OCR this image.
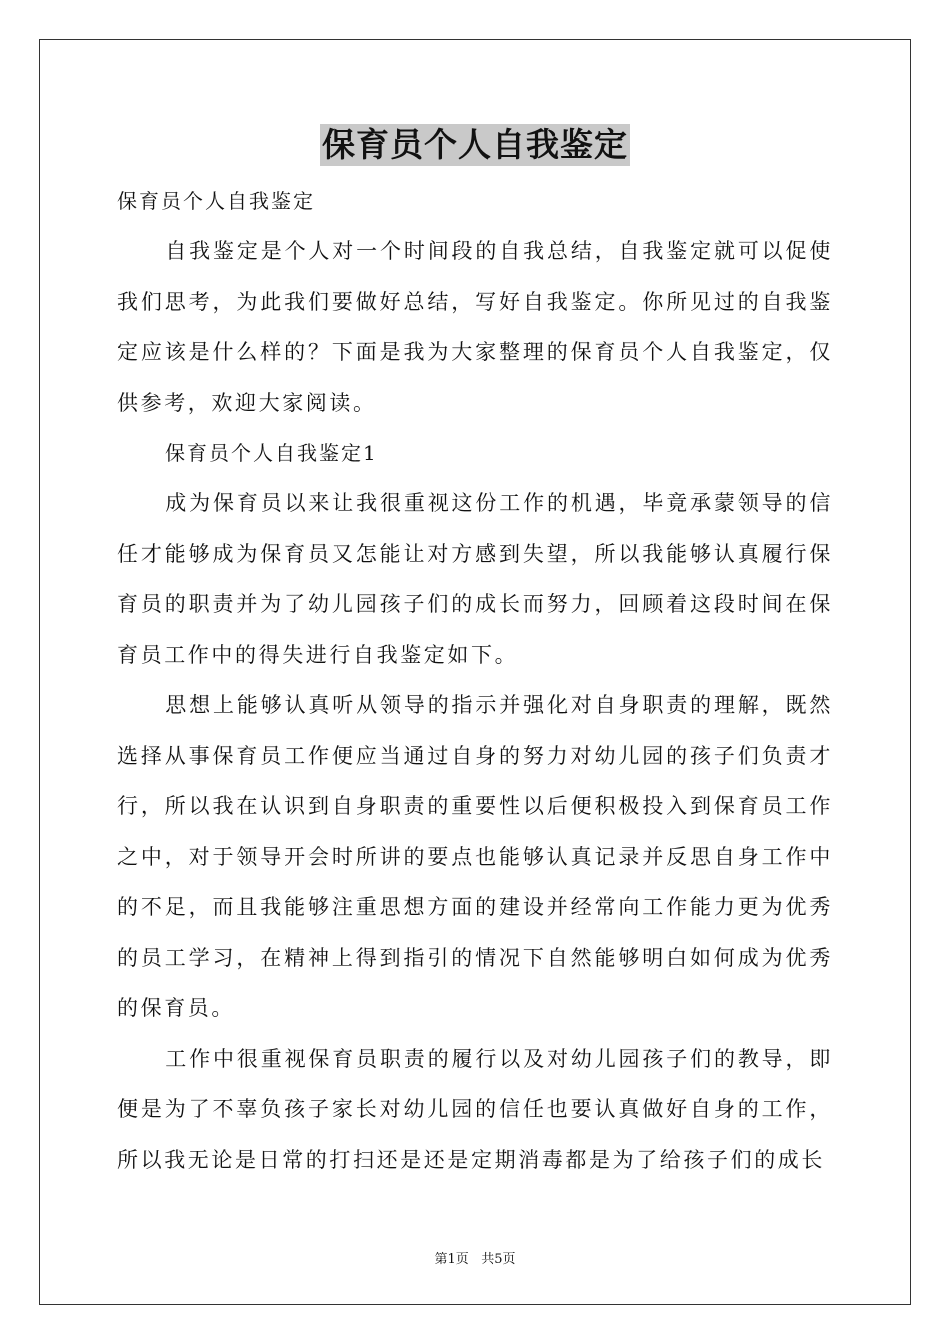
保育员个人自我鉴定

保育员个人自我鉴定

自我鉴定是个人对一个时间段的自我总结，自我鉴定就可以促使我们思考，为此我们要做好总结，写好自我鉴定。你所见过的自我鉴定应该是什么样的？下面是我为大家整理的保育员个人自我鉴定，仅供参考，欢迎大家阅读。

保育员个人自我鉴定1

成为保育员以来让我很重视这份工作的机遇，毕竟承蒙领导的信任才能够成为保育员又怎能让对方感到失望，所以我能够认真履行保育员的职责并为了幼儿园孩子们的成长而努力，回顾着这段时间在保育员工作中的得失进行自我鉴定如下。

思想上能够认真听从领导的指示并强化对自身职责的理解，既然选择从事保育员工作便应当通过自身的努力对幼儿园的孩子们负责才行，所以我在认识到自身职责的重要性以后便积极投入到保育员工作之中，对于领导开会时所讲的要点也能够认真记录并反思自身工作中的不足，而且我能够注重思想方面的建设并经常向工作能力更为优秀的员工学习，在精神上得到指引的情况下自然能够明白如何成为优秀的保育员。

工作中很重视保育员职责的履行以及对幼儿园孩子们的教导，即便是为了不辜负孩子家长对幼儿园的信任也要认真做好自身的工作，所以我无论是日常的打扫还是还是定期消毒都是为了给孩子们的成长

第1页 共5页
